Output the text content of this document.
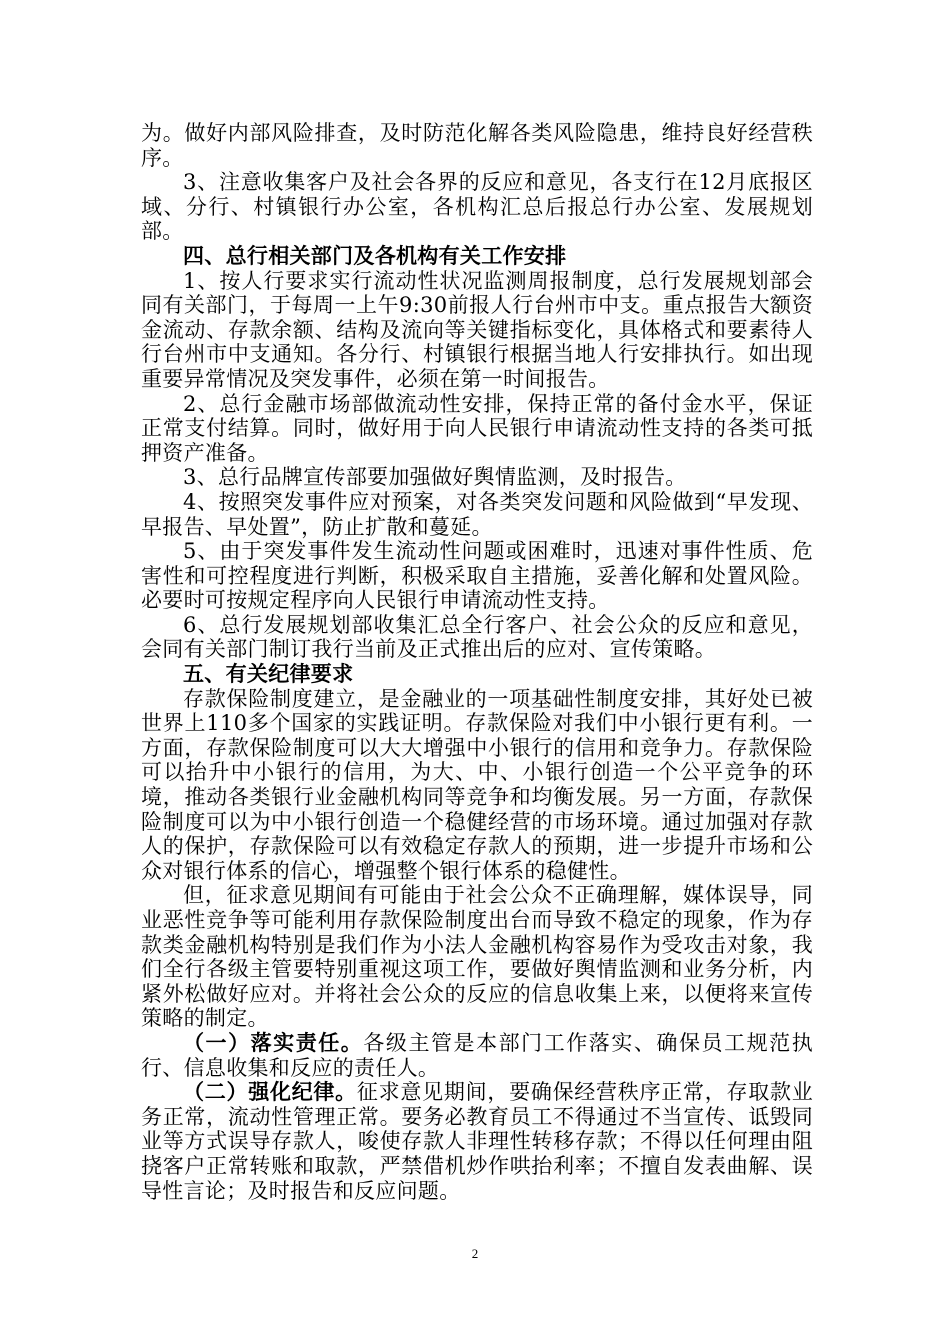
为。做好内部风险排查，及时防范化解各类风险隐患，维持良好经营秩序。

3、注意收集客户及社会各界的反应和意见，各支行在12月底报区域、分行、村镇银行办公室，各机构汇总后报总行办公室、发展规划部。

四、总行相关部门及各机构有关工作安排

1、按人行要求实行流动性状况监测周报制度，总行发展规划部会同有关部门，于每周一上午9:30前报人行台州市中支。重点报告大额资金流动、存款余额、结构及流向等关键指标变化，具体格式和要素待人行台州市中支通知。各分行、村镇银行根据当地人行安排执行。如出现重要异常情况及突发事件，必须在第一时间报告。

2、总行金融市场部做流动性安排，保持正常的备付金水平，保证正常支付结算。同时，做好用于向人民银行申请流动性支持的各类可抵押资产准备。

3、总行品牌宣传部要加强做好舆情监测，及时报告。

4、按照突发事件应对预案，对各类突发问题和风险做到“早发现、早报告、早处置”，防止扩散和蔓延。

5、由于突发事件发生流动性问题或困难时，迅速对事件性质、危害性和可控程度进行判断，积极采取自主措施，妥善化解和处置风险。必要时可按规定程序向人民银行申请流动性支持。

6、总行发展规划部收集汇总全行客户、社会公众的反应和意见，会同有关部门制订我行当前及正式推出后的应对、宣传策略。

五、有关纪律要求

存款保险制度建立，是金融业的一项基础性制度安排，其好处已被世界上110多个国家的实践证明。存款保险对我们中小银行更有利。一方面，存款保险制度可以大大增强中小银行的信用和竞争力。存款保险可以抬升中小银行的信用，为大、中、小银行创造一个公平竞争的环境，推动各类银行业金融机构同等竞争和均衡发展。另一方面，存款保险制度可以为中小银行创造一个稳健经营的市场环境。通过加强对存款人的保护，存款保险可以有效稳定存款人的预期，进一步提升市场和公众对银行体系的信心，增强整个银行体系的稳健性。

但，征求意见期间有可能由于社会公众不正确理解，媒体误导，同业恶性竞争等可能利用存款保险制度出台而导致不稳定的现象，作为存款类金融机构特别是我们作为小法人金融机构容易作为受攻击对象，我们全行各级主管要特别重视这项工作，要做好舆情监测和业务分析，内紧外松做好应对。并将社会公众的反应的信息收集上来，以便将来宣传策略的制定。

（一）落实责任。各级主管是本部门工作落实、确保员工规范执行、信息收集和反应的责任人。

（二）强化纪律。征求意见期间，要确保经营秩序正常，存取款业务正常，流动性管理正常。要务必教育员工不得通过不当宣传、诋毁同业等方式误导存款人，唆使存款人非理性转移存款；不得以任何理由阻挠客户正常转账和取款，严禁借机炒作哄抬利率；不擅自发表曲解、误导性言论；及时报告和反应问题。

2
